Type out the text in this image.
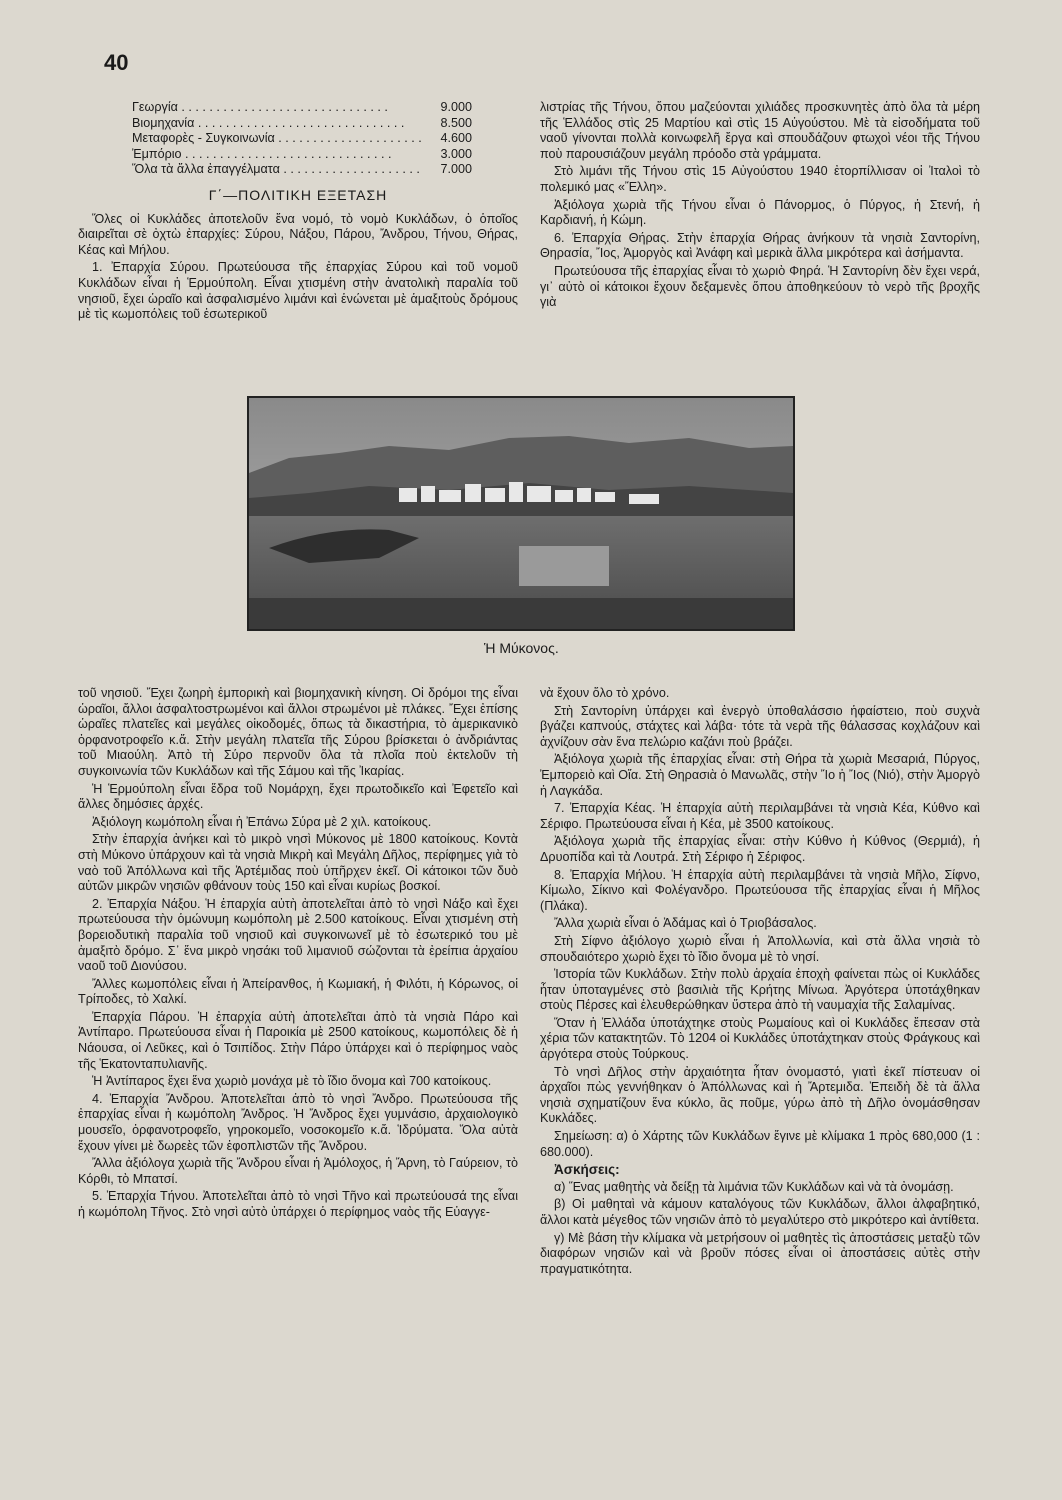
40
Γεωργία . . .	9.000
Βιομηχανία . . .	8.500
Μεταφορὲς - Συγκοινωνία . . .	4.600
Ἐμπόριο . . .	3.000
Ὅλα τὰ ἄλλα ἐπαγγέλματα . . .	7.000
Γ΄—ΠΟΛΙΤΙΚΗ ΕΞΕΤΑΣΗ

Ὅλες οἱ Κυκλάδες ἀποτελοῦν ἕνα νομό, τὸ νομὸ Κυκλάδων, ὁ ὁποῖος διαιρεῖται σὲ ὀχτὼ ἐπαρχίες: Σύρου, Νάξου, Πάρου, Ἄνδρου, Τήνου, Θήρας, Κέας καὶ Μήλου.

1. Ἐπαρχία Σύρου. Πρωτεύουσα τῆς ἐπαρχίας Σύρου καὶ τοῦ νομοῦ Κυκλάδων εἶναι ἡ Ἑρμούπολη. Εἶναι χτισμένη στὴν ἀνατολικὴ παραλία τοῦ νησιοῦ, ἔχει ὡραῖο καὶ ἀσφαλισμένο λιμάνι καὶ ἑνώνεται μὲ ἁμαξιτοὺς δρόμους μὲ τὶς κωμοπόλεις τοῦ ἐσωτερικοῦ

λιστρίας τῆς Τήνου, ὅπου μαζεύονται χιλιάδες προσκυνητὲς ἀπὸ ὅλα τὰ μέρη τῆς Ἑλλάδος στὶς 25 Μαρτίου καὶ στὶς 15 Αὐγούστου. Μὲ τὰ εἰσοδήματα τοῦ ναοῦ γίνονται πολλὰ κοινωφελῆ ἔργα καὶ σπουδάζουν φτωχοὶ νέοι τῆς Τήνου ποὺ παρουσιάζουν μεγάλη πρόοδο στὰ γράμματα.

Στὸ λιμάνι τῆς Τήνου στὶς 15 Αὐγούστου 1940 ἐτορπίλλισαν οἱ Ἰταλοὶ τὸ πολεμικό μας «Ἔλλη».

Ἀξιόλογα χωριὰ τῆς Τήνου εἶναι ὁ Πάνορμος, ὁ Πύργος, ἡ Στενή, ἡ Καρδιανή, ἡ Κώμη.

6. Ἐπαρχία Θήρας. Στὴν ἐπαρχία Θήρας ἀνήκουν τὰ νησιὰ Σαντορίνη, Θηρασία, Ἴος, Ἀμοργὸς καὶ Ἀνάφη καὶ μερικὰ ἄλλα μικρότερα καὶ ἀσήμαντα.

Πρωτεύουσα τῆς ἐπαρχίας εἶναι τὸ χωριὸ Φηρά. Ἡ Σαντορίνη δὲν ἔχει νερά, γι᾽ αὐτὸ οἱ κάτοικοι ἔχουν δεξαμενὲς ὅπου ἀποθηκεύουν τὸ νερὸ τῆς βροχῆς γιὰ

Ἡ Μύκονος.

τοῦ νησιοῦ. Ἔχει ζωηρὴ ἐμπορικὴ καὶ βιομηχανικὴ κίνηση. Οἱ δρόμοι της εἶναι ὡραῖοι, ἄλλοι ἀσφαλτοστρωμένοι καὶ ἄλλοι στρωμένοι μὲ πλάκες. Ἔχει ἐπίσης ὡραῖες πλατεῖες καὶ μεγάλες οἰκοδομές, ὅπως τὰ δικαστήρια, τὸ ἀμερικανικὸ ὀρφανοτροφεῖο κ.ἄ. Στὴν μεγάλη πλατεῖα τῆς Σύρου βρίσκεται ὁ ἀνδριάντας τοῦ Μιαούλη. Ἀπὸ τὴ Σύρο περνοῦν ὅλα τὰ πλοῖα ποὺ ἐκτελοῦν τὴ συγκοινωνία τῶν Κυκλάδων καὶ τῆς Σάμου καὶ τῆς Ἰκαρίας.

Ἡ Ἑρμούπολη εἶναι ἕδρα τοῦ Νομάρχη, ἔχει πρωτοδικεῖο καὶ Ἐφετεῖο καὶ ἄλλες δημόσιες ἀρχές.

Ἀξιόλογη κωμόπολη εἶναι ἡ Ἐπάνω Σύρα μὲ 2 χιλ. κατοίκους.

Στὴν ἐπαρχία ἀνήκει καὶ τὸ μικρὸ νησὶ Μύκονος μὲ 1800 κατοίκους. Κοντὰ στὴ Μύκονο ὑπάρχουν καὶ τὰ νησιὰ Μικρὴ καὶ Μεγάλη Δῆλος, περίφημες γιὰ τὸ ναὸ τοῦ Ἀπόλλωνα καὶ τῆς Ἀρτέμιδας ποὺ ὑπῆρχεν ἐκεῖ. Οἱ κάτοικοι τῶν δυὸ αὐτῶν μικρῶν νησιῶν φθάνουν τοὺς 150 καὶ εἶναι κυρίως βοσκοί.

2. Ἐπαρχία Νάξου. Ἡ ἐπαρχία αὐτὴ ἀποτελεῖται ἀπὸ τὸ νησὶ Νάξο καὶ ἔχει πρωτεύουσα τὴν ὁμώνυμη κωμόπολη μὲ 2.500 κατοίκους. Εἶναι χτισμένη στὴ βορειοδυτικὴ παραλία τοῦ νησιοῦ καὶ συγκοινωνεῖ μὲ τὸ ἐσωτερικό του μὲ ἁμαξιτὸ δρόμο. Σ᾽ ἕνα μικρὸ νησάκι τοῦ λιμανιοῦ σώζονται τὰ ἐρείπια ἀρχαίου ναοῦ τοῦ Διονύσου.

Ἄλλες κωμοπόλεις εἶναι ἡ Ἀπείρανθος, ἡ Κωμιακή, ἡ Φιλότι, ἡ Κόρωνος, οἱ Τρίποδες, τὸ Χαλκί.

Ἐπαρχία Πάρου. Ἡ ἐπαρχία αὐτὴ ἀποτελεῖται ἀπὸ τὰ νησιὰ Πάρο καὶ Ἀντίπαρο. Πρωτεύουσα εἶναι ἡ Παροικία μὲ 2500 κατοίκους, κωμοπόλεις δὲ ἡ Νάουσα, οἱ Λεῦκες, καὶ ὁ Τσιπίδος. Στὴν Πάρο ὑπάρχει καὶ ὁ περίφημος ναὸς τῆς Ἑκατονταπυλιανῆς.

Ἡ Ἀντίπαρος ἔχει ἕνα χωριὸ μονάχα μὲ τὸ ἴδιο ὄνομα καὶ 700 κατοίκους.

4. Ἐπαρχία Ἄνδρου. Ἀποτελεῖται ἀπὸ τὸ νησὶ Ἄνδρο. Πρωτεύουσα τῆς ἐπαρχίας εἶναι ἡ κωμόπολη Ἄνδρος. Ἡ Ἄνδρος ἔχει γυμνάσιο, ἀρχαιολογικὸ μουσεῖο, ὀρφανοτροφεῖο, γηροκομεῖο, νοσοκομεῖο κ.ἄ. Ἱδρύματα. Ὅλα αὐτὰ ἔχουν γίνει μὲ δωρεὲς τῶν ἐφοπλιστῶν τῆς Ἄνδρου.

Ἄλλα ἀξιόλογα χωριὰ τῆς Ἄνδρου εἶναι ἡ Ἀμόλοχος, ἡ Ἄρνη, τὸ Γαύρειον, τὸ Κόρθι, τὸ Μπατσί.

5. Ἐπαρχία Τήνου. Ἀποτελεῖται ἀπὸ τὸ νησὶ Τῆνο καὶ πρωτεύουσά της εἶναι ἡ κωμόπολη Τῆνος. Στὸ νησὶ αὐτὸ ὑπάρχει ὁ περίφημος ναὸς τῆς Εὐαγγε-

νὰ ἔχουν ὅλο τὸ χρόνο.

Στὴ Σαντορίνη ὑπάρχει καὶ ἐνεργὸ ὑποθαλάσσιο ἡφαίστειο, ποὺ συχνὰ βγάζει καπνούς, στάχτες καὶ λάβα· τότε τὰ νερὰ τῆς θάλασσας κοχλάζουν καὶ ἀχνίζουν σὰν ἕνα πελώριο καζάνι ποὺ βράζει.

Ἀξιόλογα χωριὰ τῆς ἐπαρχίας εἶναι: στὴ Θήρα τὰ χωριὰ Μεσαριά, Πύργος, Ἐμπορειὸ καὶ Οἴα. Στὴ Θηρασιὰ ὁ Μανωλᾶς, στὴν Ἴο ἡ Ἴος (Νιό), στὴν Ἀμοργὸ ἡ Λαγκάδα.

7. Ἐπαρχία Κέας. Ἡ ἐπαρχία αὐτὴ περιλαμβάνει τὰ νησιὰ Κέα, Κύθνο καὶ Σέριφο. Πρωτεύουσα εἶναι ἡ Κέα, μὲ 3500 κατοίκους.

Ἀξιόλογα χωριὰ τῆς ἐπαρχίας εἶναι: στὴν Κύθνο ἡ Κύθνος (Θερμιά), ἡ Δρυοπίδα καὶ τὰ Λουτρά. Στὴ Σέριφο ἡ Σέριφος.

8. Ἐπαρχία Μήλου. Ἡ ἐπαρχία αὐτὴ περιλαμβάνει τὰ νησιὰ Μῆλο, Σίφνο, Κίμωλο, Σίκινο καὶ Φολέγανδρο. Πρωτεύουσα τῆς ἐπαρχίας εἶναι ἡ Μῆλος (Πλάκα).

Ἄλλα χωριὰ εἶναι ὁ Ἀδάμας καὶ ὁ Τριοβάσαλος.

Στὴ Σίφνο ἀξιόλογο χωριὸ εἶναι ἡ Ἀπολλωνία, καὶ στὰ ἄλλα νησιὰ τὸ σπουδαιότερο χωριὸ ἔχει τὸ ἴδιο ὄνομα μὲ τὸ νησί.

Ἱστορία τῶν Κυκλάδων. Στὴν πολὺ ἀρχαία ἐποχὴ φαίνεται πὼς οἱ Κυκλάδες ἦταν ὑποταγμένες στὸ βασιλιὰ τῆς Κρήτης Μίνωα. Ἀργότερα ὑποτάχθηκαν στοὺς Πέρσες καὶ ἐλευθερώθηκαν ὕστερα ἀπὸ τὴ ναυμαχία τῆς Σαλαμίνας.

Ὅταν ἡ Ἑλλάδα ὑποτάχτηκε στοὺς Ρωμαίους καὶ οἱ Κυκλάδες ἔπεσαν στὰ χέρια τῶν κατακτητῶν. Τὸ 1204 οἱ Κυκλάδες ὑποτάχτηκαν στοὺς Φράγκους καὶ ἀργότερα στοὺς Τούρκους.

Τὸ νησὶ Δῆλος στὴν ἀρχαιότητα ἦταν ὀνομαστό, γιατὶ ἐκεῖ πίστευαν οἱ ἀρχαῖοι πὼς γεννήθηκαν ὁ Ἀπόλλωνας καὶ ἡ Ἄρτεμιδα. Ἐπειδὴ δὲ τὰ ἄλλα νησιὰ σχηματίζουν ἕνα κύκλο, ἂς ποῦμε, γύρω ἀπὸ τὴ Δῆλο ὀνομάσθησαν Κυκλάδες.

Σημείωση: α) ὁ Χάρτης τῶν Κυκλάδων ἔγινε μὲ κλίμακα 1 πρὸς 680,000 (1 : 680.000).

Ἀσκήσεις:

α) Ἕνας μαθητὴς νὰ δείξῃ τὰ λιμάνια τῶν Κυκλάδων καὶ νὰ τὰ ὀνομάσῃ.

β) Οἱ μαθηταὶ νὰ κάμουν καταλόγους τῶν Κυκλάδων, ἄλλοι ἀλφαβητικό, ἄλλοι κατὰ μέγεθος τῶν νησιῶν ἀπὸ τὸ μεγαλύτερο στὸ μικρότερο καὶ ἀντίθετα.

γ) Μὲ βάση τὴν κλίμακα νὰ μετρήσουν οἱ μαθητὲς τὶς ἀποστάσεις μεταξὺ τῶν διαφόρων νησιῶν καὶ νὰ βροῦν πόσες εἶναι οἱ ἀποστάσεις αὐτὲς στὴν πραγματικότητα.
